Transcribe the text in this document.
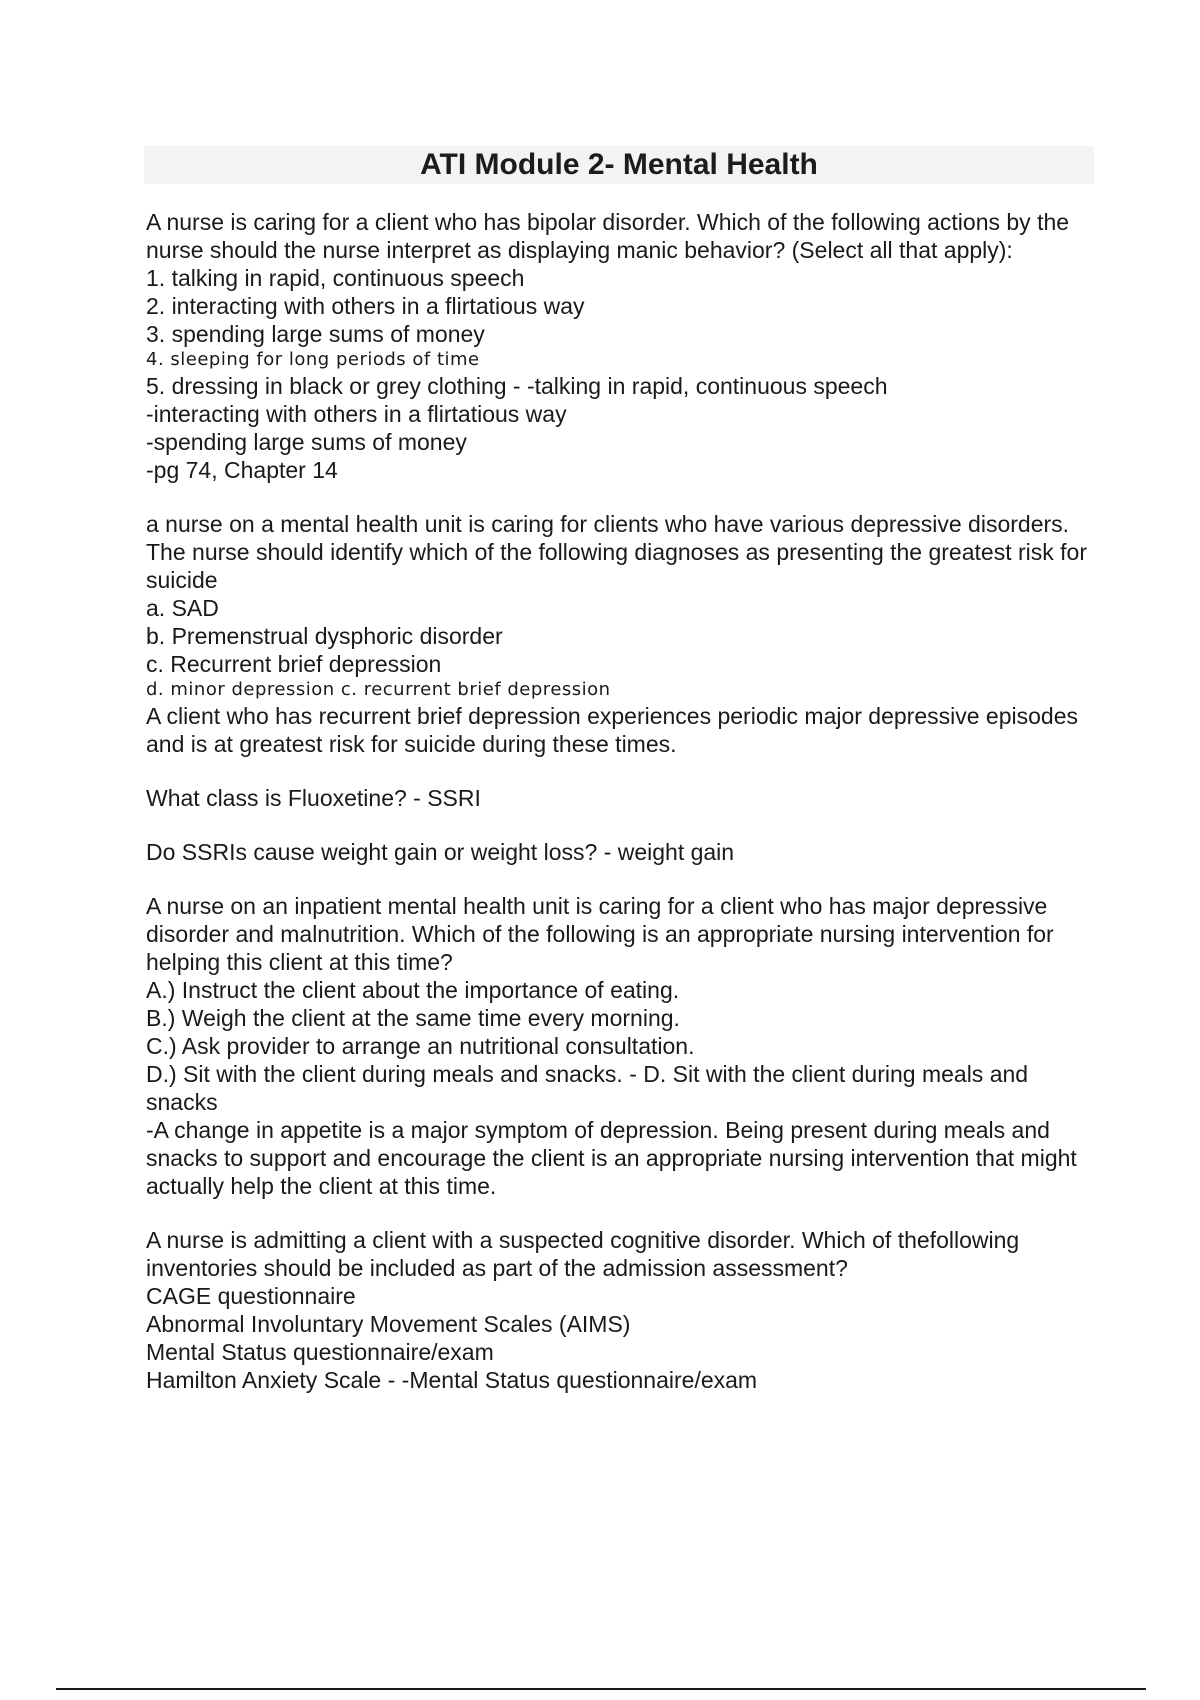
ATI Module 2- Mental Health
A nurse is caring for a client who has bipolar disorder. Which of the following actions by the nurse should the nurse interpret as displaying manic behavior? (Select all that apply):
1. talking in rapid, continuous speech
2. interacting with others in a flirtatious way
3. spending large sums of money
4. sleeping for long periods of time
5. dressing in black or grey clothing - -talking in rapid, continuous speech
-interacting with others in a flirtatious way
-spending large sums of money
-pg 74, Chapter 14
a nurse on a mental health unit is caring for clients who have various depressive disorders. The nurse should identify which of the following diagnoses as presenting the greatest risk for suicide
a. SAD
b. Premenstrual dysphoric disorder
c. Recurrent brief depression
d. minor depression c. recurrent brief depression
A client who has recurrent brief depression experiences periodic major depressive episodes and is at greatest risk for suicide during these times.
What class is Fluoxetine? - SSRI
Do SSRIs cause weight gain or weight loss? - weight gain
A nurse on an inpatient mental health unit is caring for a client who has major depressive disorder and malnutrition. Which of the following is an appropriate nursing intervention for helping this client at this time?
A.) Instruct the client about the importance of eating.
B.) Weigh the client at the same time every morning.
C.) Ask provider to arrange an nutritional consultation.
D.) Sit with the client during meals and snacks. - D. Sit with the client during meals and snacks
-A change in appetite is a major symptom of depression. Being present during meals and snacks to support and encourage the client is an appropriate nursing intervention that might actually help the client at this time.
A nurse is admitting a client with a suspected cognitive disorder. Which of thefollowing inventories should be included as part of the admission assessment?
CAGE questionnaire
Abnormal Involuntary Movement Scales (AIMS)
Mental Status questionnaire/exam
Hamilton Anxiety Scale - -Mental Status questionnaire/exam
